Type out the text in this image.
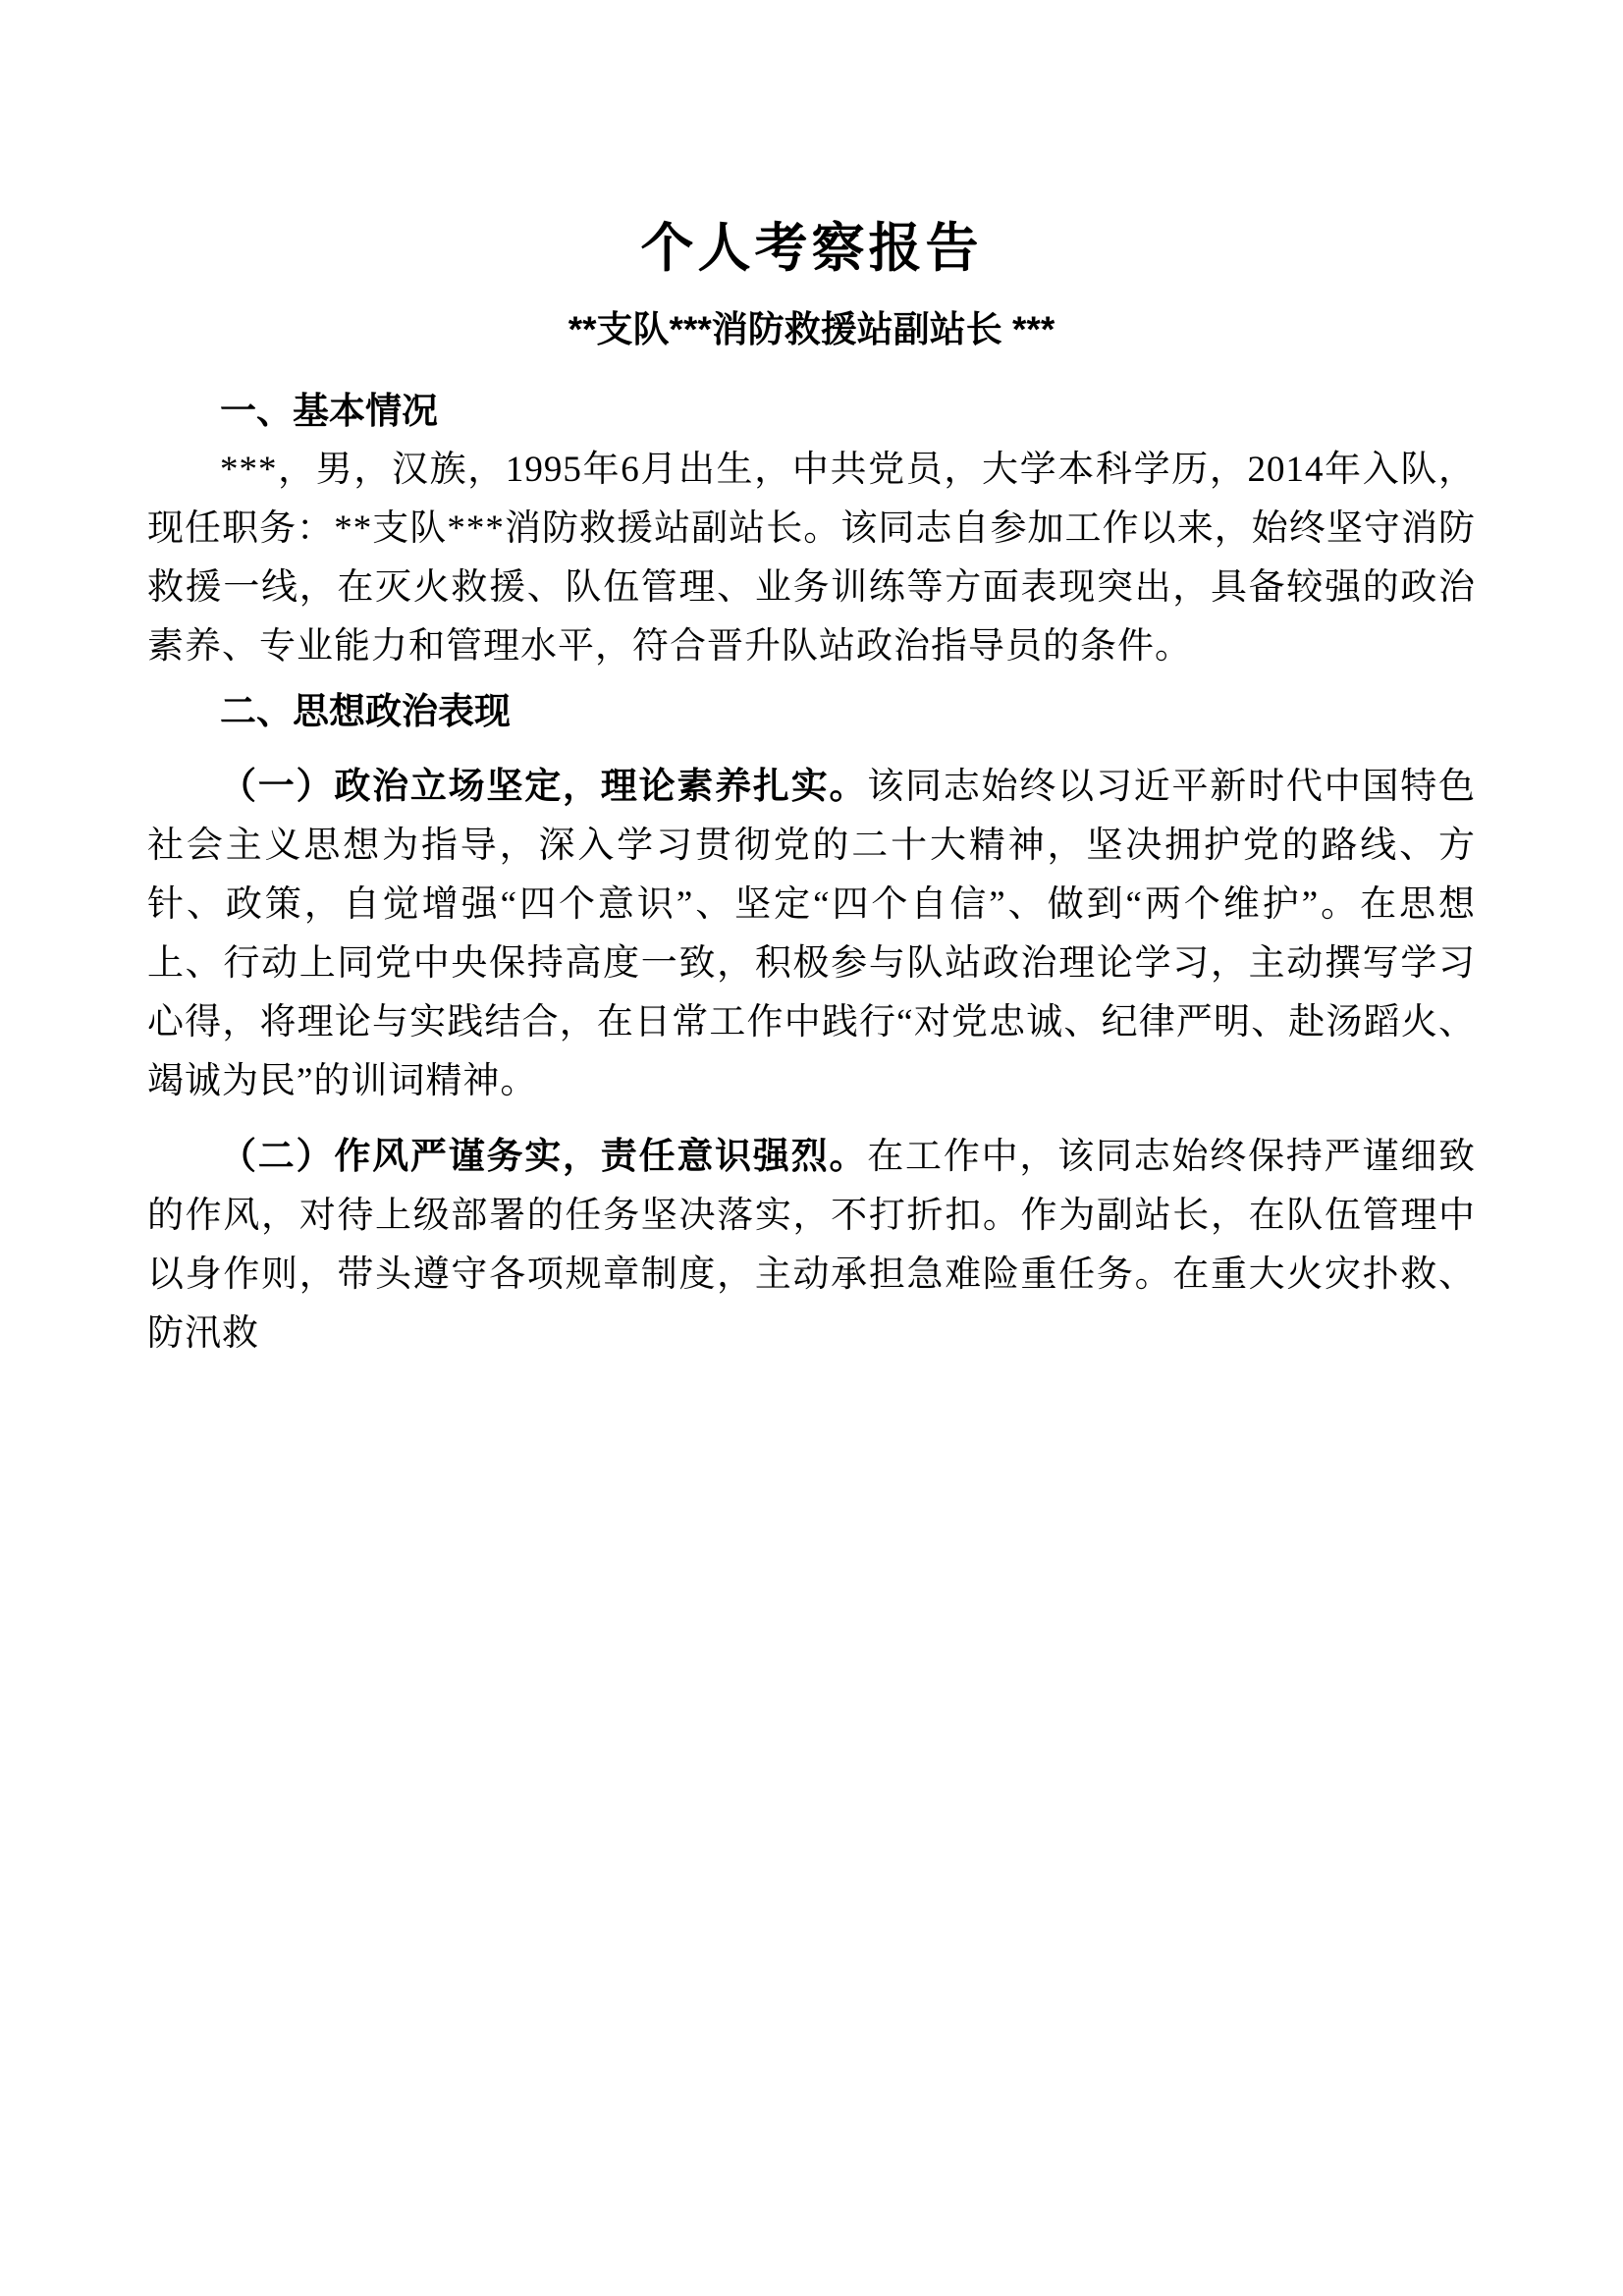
个人考察报告
**支队***消防救援站副站长 ***
一、基本情况

***，男，汉族，1995年6月出生，中共党员，大学本科学历，2014年入队，现任职务：**支队***消防救援站副站长。该同志自参加工作以来，始终坚守消防救援一线，在灭火救援、队伍管理、业务训练等方面表现突出，具备较强的政治素养、专业能力和管理水平，符合晋升队站政治指导员的条件。

二、思想政治表现

（一）政治立场坚定，理论素养扎实。该同志始终以习近平新时代中国特色社会主义思想为指导，深入学习贯彻党的二十大精神，坚决拥护党的路线、方针、政策，自觉增强“四个意识”、坚定“四个自信”、做到“两个维护”。在思想上、行动上同党中央保持高度一致，积极参与队站政治理论学习，主动撰写学习心得，将理论与实践结合，在日常工作中践行“对党忠诚、纪律严明、赴汤蹈火、竭诚为民”的训词精神。

（二）作风严谨务实，责任意识强烈。在工作中，该同志始终保持严谨细致的作风，对待上级部署的任务坚决落实，不打折扣。作为副站长，在队伍管理中以身作则，带头遵守各项规章制度，主动承担急难险重任务。在重大火灾扑救、防汛救
